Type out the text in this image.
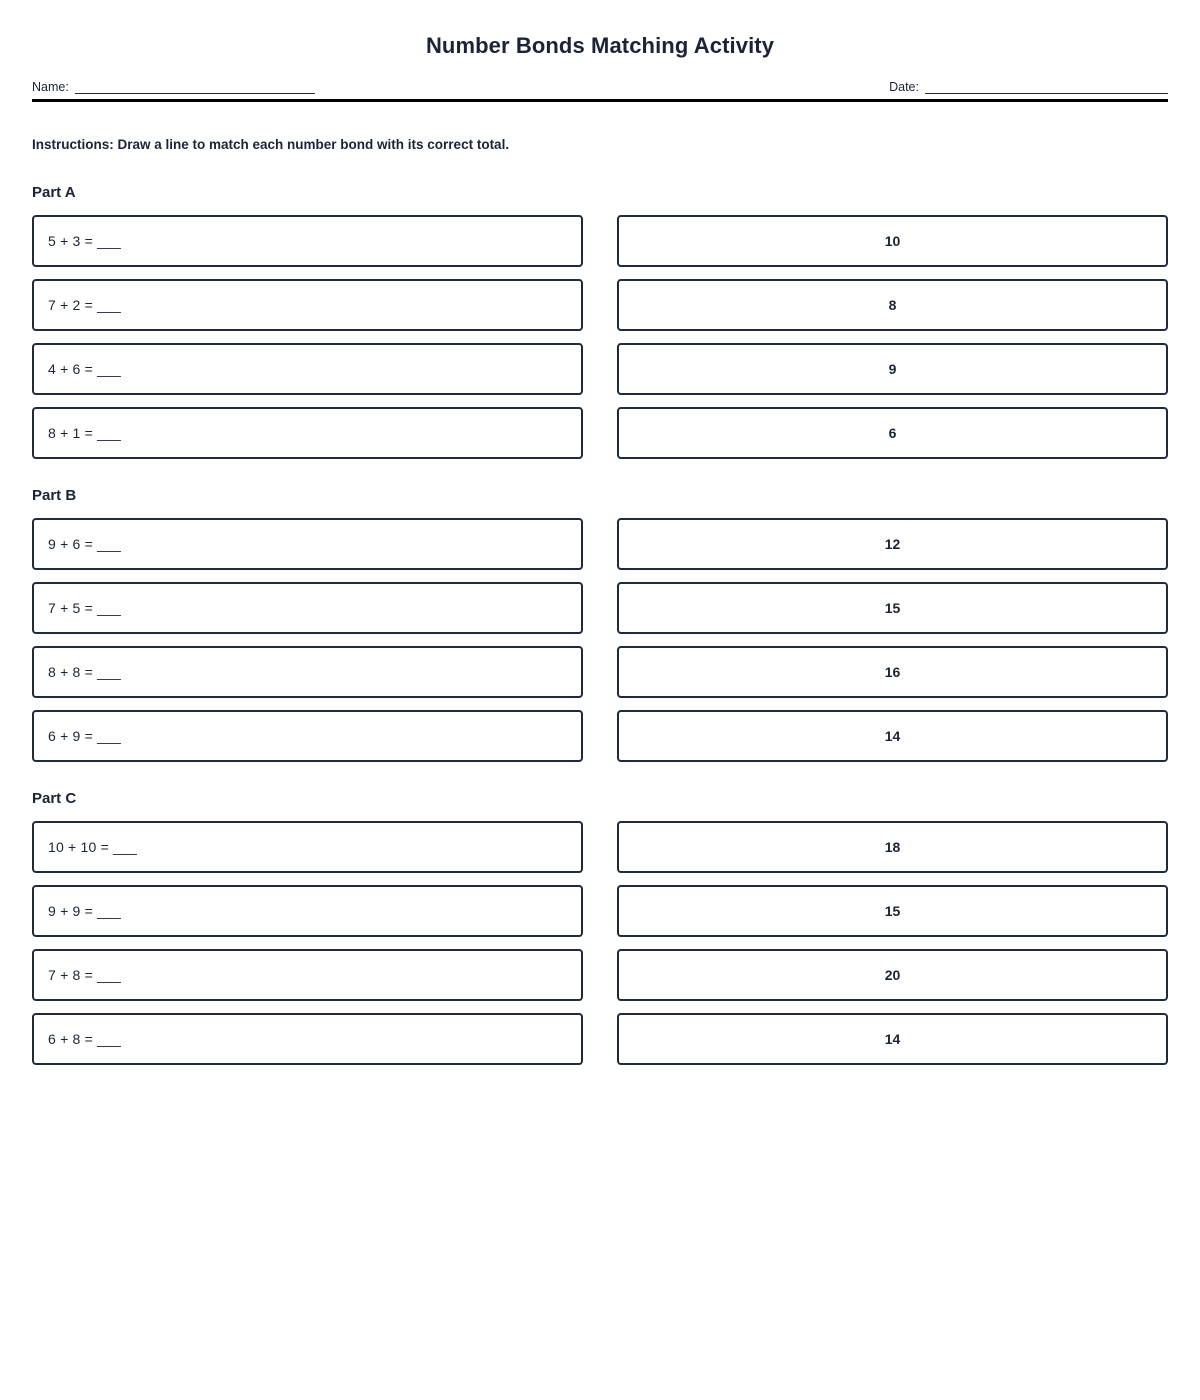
Number Bonds Matching Activity
Name:	Date:

Instructions: Draw a line to match each number bond with its correct total.

Part A
5 + 3 = ___	10
7 + 2 = ___	8
4 + 6 = ___	9
8 + 1 = ___	6
Part B
9 + 6 = ___	12
7 + 5 = ___	15
8 + 8 = ___	16
6 + 9 = ___	14
Part C
10 + 10 = ___	18
9 + 9 = ___	15
7 + 8 = ___	20
6 + 8 = ___	14
